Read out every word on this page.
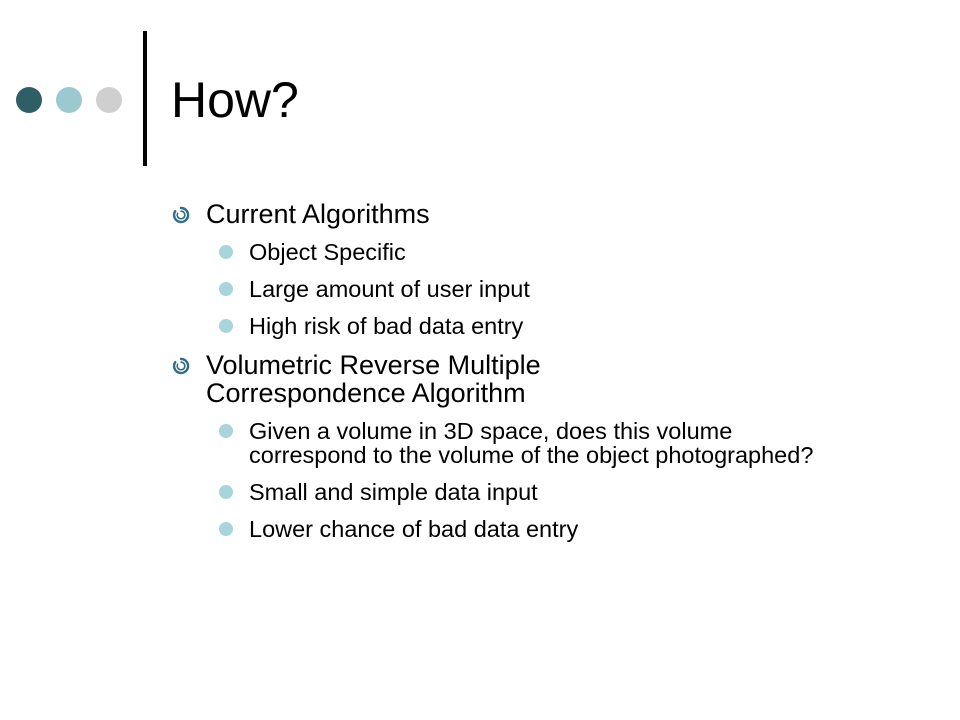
How?
Current Algorithms
Object Specific
Large amount of user input
High risk of bad data entry
Volumetric Reverse Multiple Correspondence Algorithm
Given a volume in 3D space, does this volume correspond to the volume of the object photographed?
Small and simple data input
Lower chance of bad data entry
